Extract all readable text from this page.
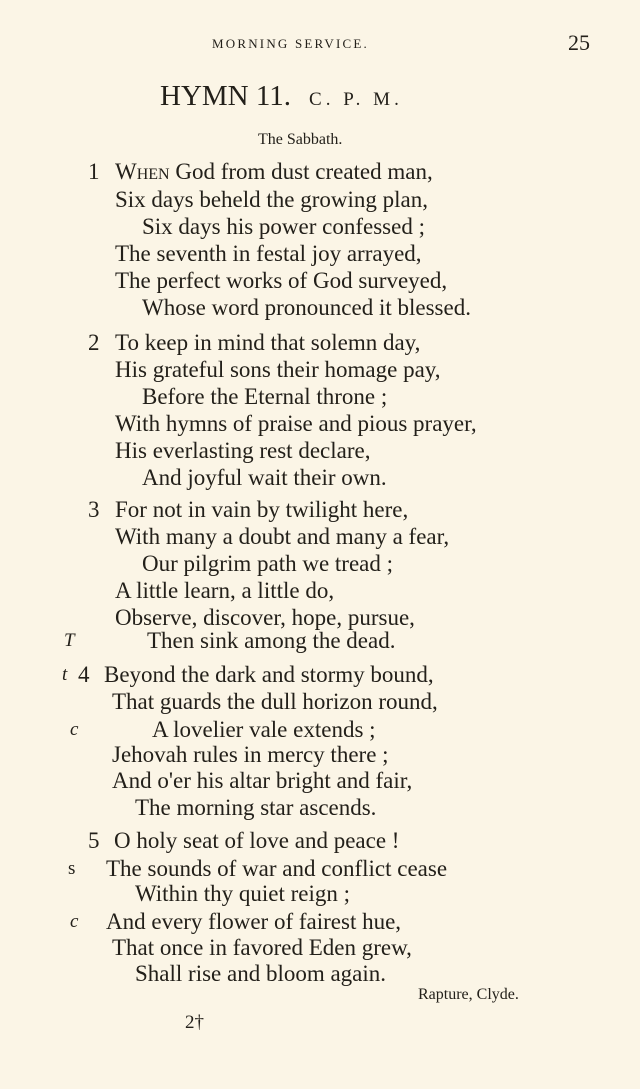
MORNING SERVICE.	25
HYMN 11. C. P. M.
The Sabbath.
1 When God from dust created man,
Six days beheld the growing plan,
Six days his power confessed ;
The seventh in festal joy arrayed,
The perfect works of God surveyed,
Whose word pronounced it blessed.
2 To keep in mind that solemn day,
His grateful sons their homage pay,
Before the Eternal throne ;
With hymns of praise and pious prayer,
His everlasting rest declare,
And joyful wait their own.
3 For not in vain by twilight here,
With many a doubt and many a fear,
Our pilgrim path we tread ;
A little learn, a little do,
Observe, discover, hope, pursue,
T	Then sink among the dead.
t 4 Beyond the dark and stormy bound,
That guards the dull horizon round,
c	A lovelier vale extends ;
Jehovah rules in mercy there ;
And o'er his altar bright and fair,
The morning star ascends.
5 O holy seat of love and peace !
s The sounds of war and conflict cease
Within thy quiet reign ;
c And every flower of fairest hue,
That once in favored Eden grew,
Shall rise and bloom again.
Rapture, Clyde.
2†
